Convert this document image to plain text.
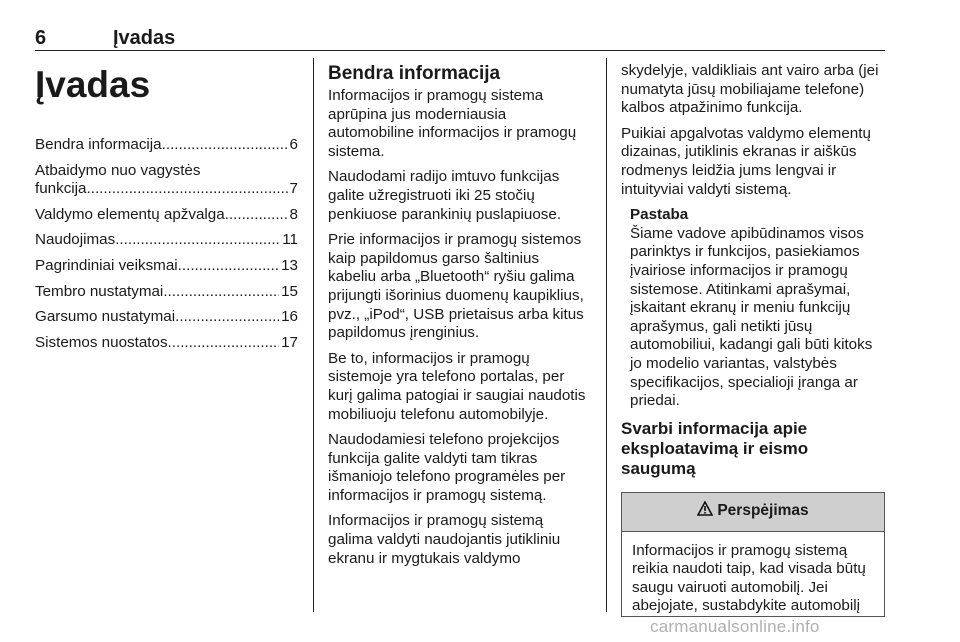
6	Įvadas
Įvadas
Bendra informacija .....	6
Atbaidymo nuo vagystės
funkcija .....	7
Valdymo elementų apžvalga .....	8
Naudojimas .....	11
Pagrindiniai veiksmai .....	13
Tembro nustatymai .....	15
Garsumo nustatymai .....	16
Sistemos nuostatos .....	17
Bendra informacija

Informacijos ir pramogų sistema aprūpina jus moderniausia automobiline informacijos ir pramogų sistema.

Naudodami radijo imtuvo funkcijas galite užregistruoti iki 25 stočių penkiuose parankinių puslapiuose.

Prie informacijos ir pramogų sistemos kaip papildomus garso šaltinius kabeliu arba „Bluetooth“ ryšiu galima prijungti išorinius duomenų kaupiklius, pvz., „iPod“, USB prietaisus arba kitus papildomus įrenginius.

Be to, informacijos ir pramogų sistemoje yra telefono portalas, per kurį galima patogiai ir saugiai naudotis mobiliuoju telefonu automobilyje.

Naudodamiesi telefono projekcijos funkcija galite valdyti tam tikras išmaniojo telefono programėles per informacijos ir pramogų sistemą.

Informacijos ir pramogų sistemą galima valdyti naudojantis jutikliniu ekranu ir mygtukais valdymo

skydelyje, valdikliais ant vairo arba (jei numatyta jūsų mobiliajame telefone) kalbos atpažinimo funkcija.

Puikiai apgalvotas valdymo elementų dizainas, jutiklinis ekranas ir aiškūs rodmenys leidžia jums lengvai ir intuityviai valdyti sistemą.

Pastaba
Šiame vadove apibūdinamos visos parinktys ir funkcijos, pasiekiamos įvairiose informacijos ir pramogų sistemose. Atitinkami aprašymai, įskaitant ekranų ir meniu funkcijų aprašymus, gali netikti jūsų automobiliui, kadangi gali būti kitoks jo modelio variantas, valstybės specifikacijos, specialioji įranga ar priedai.
Svarbi informacija apie eksploatavimą ir eismo saugumą
Perspėjimas
Informacijos ir pramogų sistemą reikia naudoti taip, kad visada būtų saugu vairuoti automobilį. Jei abejojate, sustabdykite automobilį
carmanualsonline.info
